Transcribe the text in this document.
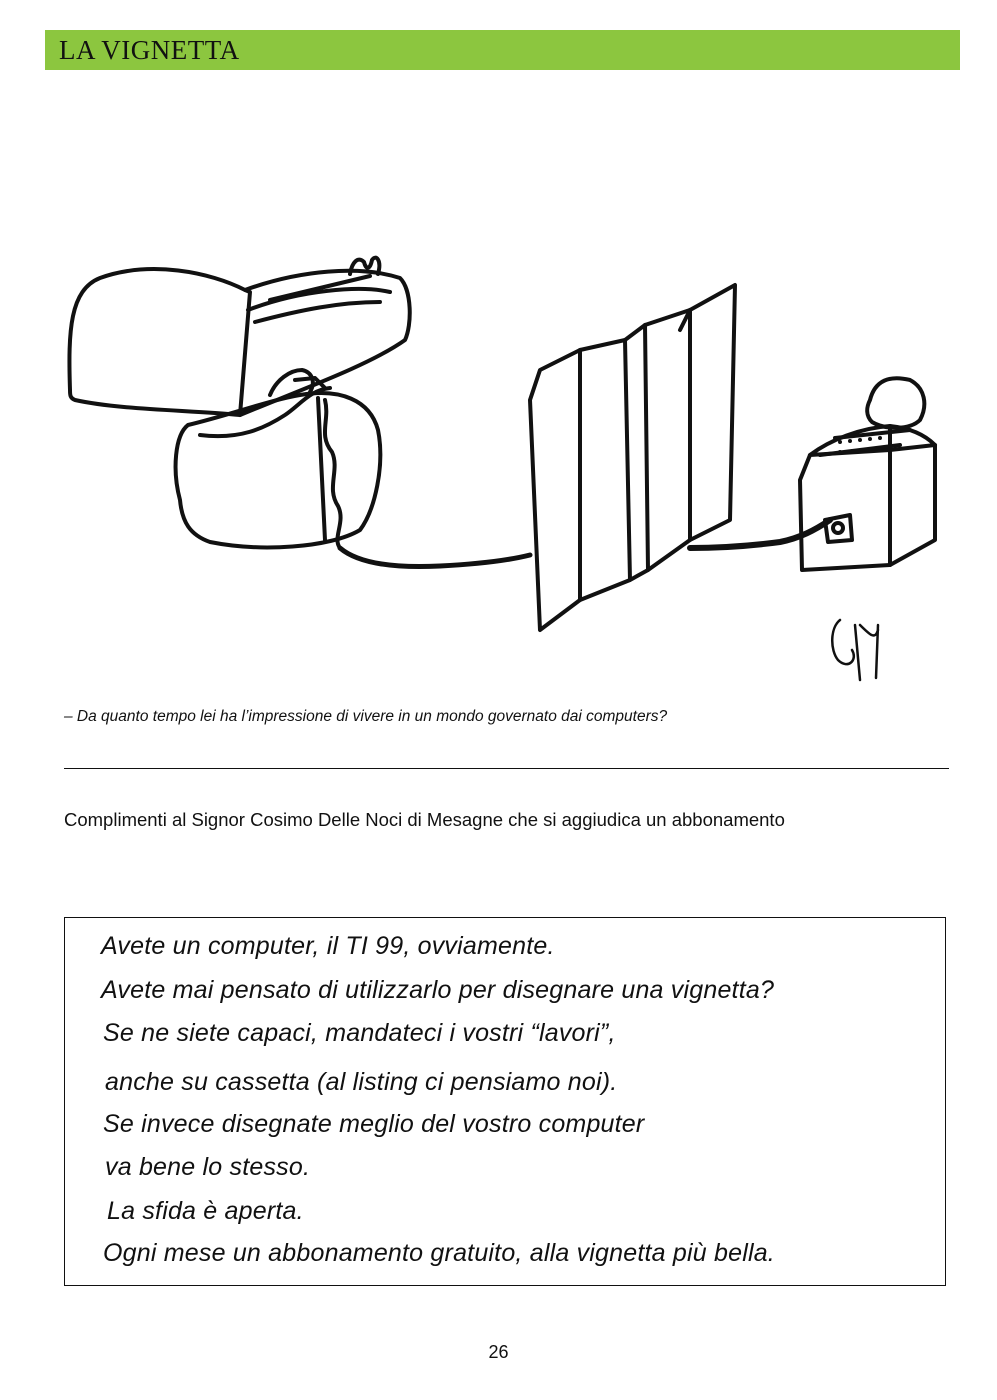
LA VIGNETTA
– Da quanto tempo lei ha l’impressione di vivere in un mondo governato dai computers?
Complimenti al Signor Cosimo Delle Noci di Mesagne che si aggiudica un abbonamento
Avete un computer, il TI 99, ovviamente.
Avete mai pensato di utilizzarlo per disegnare una vignetta?
Se ne siete capaci, mandateci i vostri “lavori”,
anche su cassetta (al listing ci pensiamo noi).
Se invece disegnate meglio del vostro computer
va bene lo stesso.
La sfida è aperta.
Ogni mese un abbonamento gratuito, alla vignetta più bella.
26
